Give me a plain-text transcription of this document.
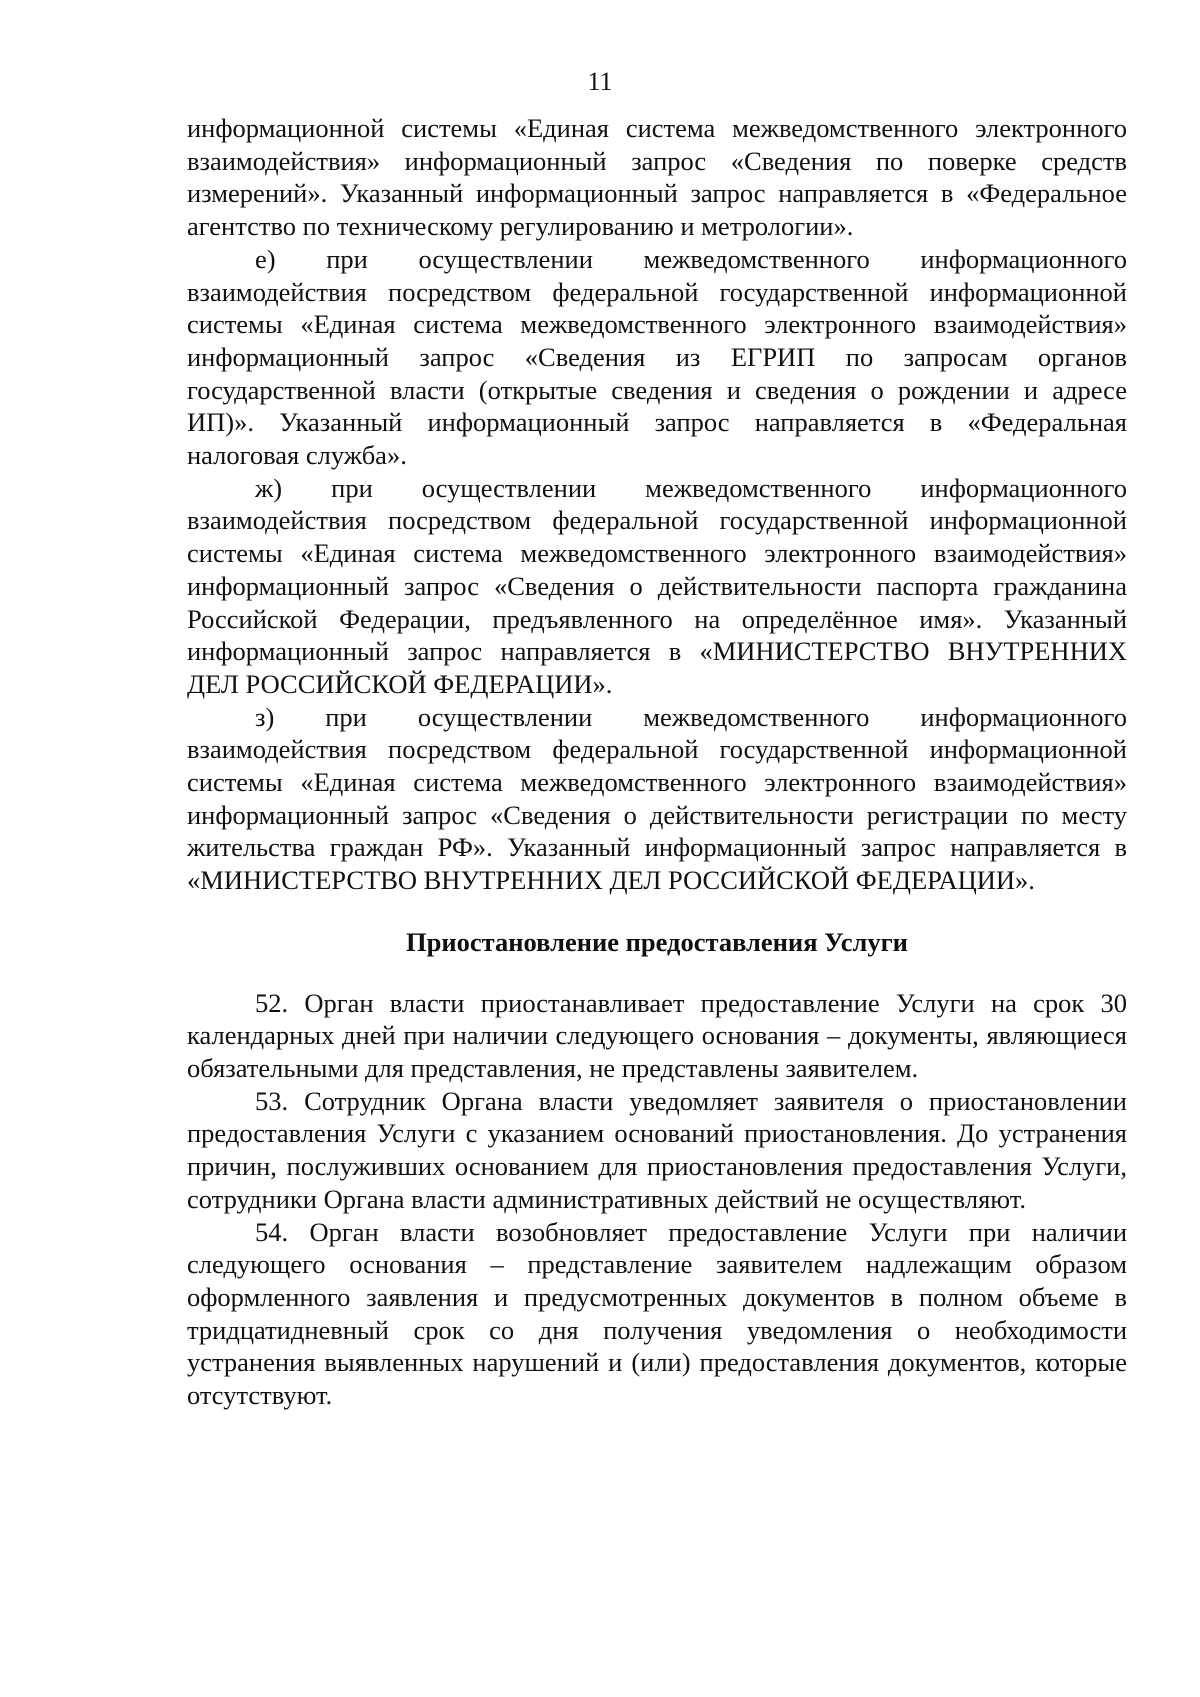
11

информационной системы «Единая система межведомственного электронного взаимодействия» информационный запрос «Сведения по поверке средств измерений». Указанный информационный запрос направляется в «Федеральное агентство по техническому регулированию и метрологии».

е) при осуществлении межведомственного информационного взаимодействия посредством федеральной государственной информационной системы «Единая система межведомственного электронного взаимодействия» информационный запрос «Сведения из ЕГРИП по запросам органов государственной власти (открытые сведения и сведения о рождении и адресе ИП)». Указанный информационный запрос направляется в «Федеральная налоговая служба».

ж) при осуществлении межведомственного информационного взаимодействия посредством федеральной государственной информационной системы «Единая система межведомственного электронного взаимодействия» информационный запрос «Сведения о действительности паспорта гражданина Российской Федерации, предъявленного на определённое имя». Указанный информационный запрос направляется в «МИНИСТЕРСТВО ВНУТРЕННИХ ДЕЛ РОССИЙСКОЙ ФЕДЕРАЦИИ».

з) при осуществлении межведомственного информационного взаимодействия посредством федеральной государственной информационной системы «Единая система межведомственного электронного взаимодействия» информационный запрос «Сведения о действительности регистрации по месту жительства граждан РФ». Указанный информационный запрос направляется в «МИНИСТЕРСТВО ВНУТРЕННИХ ДЕЛ РОССИЙСКОЙ ФЕДЕРАЦИИ».

Приостановление предоставления Услуги

52. Орган власти приостанавливает предоставление Услуги на срок 30 календарных дней при наличии следующего основания – документы, являющиеся обязательными для представления, не представлены заявителем.

53. Сотрудник Органа власти уведомляет заявителя о приостановлении предоставления Услуги с указанием оснований приостановления. До устранения причин, послуживших основанием для приостановления предоставления Услуги, сотрудники Органа власти административных действий не осуществляют.

54. Орган власти возобновляет предоставление Услуги при наличии следующего основания – представление заявителем надлежащим образом оформленного заявления и предусмотренных документов в полном объеме в тридцатидневный срок со дня получения уведомления о необходимости устранения выявленных нарушений и (или) предоставления документов, которые отсутствуют.
